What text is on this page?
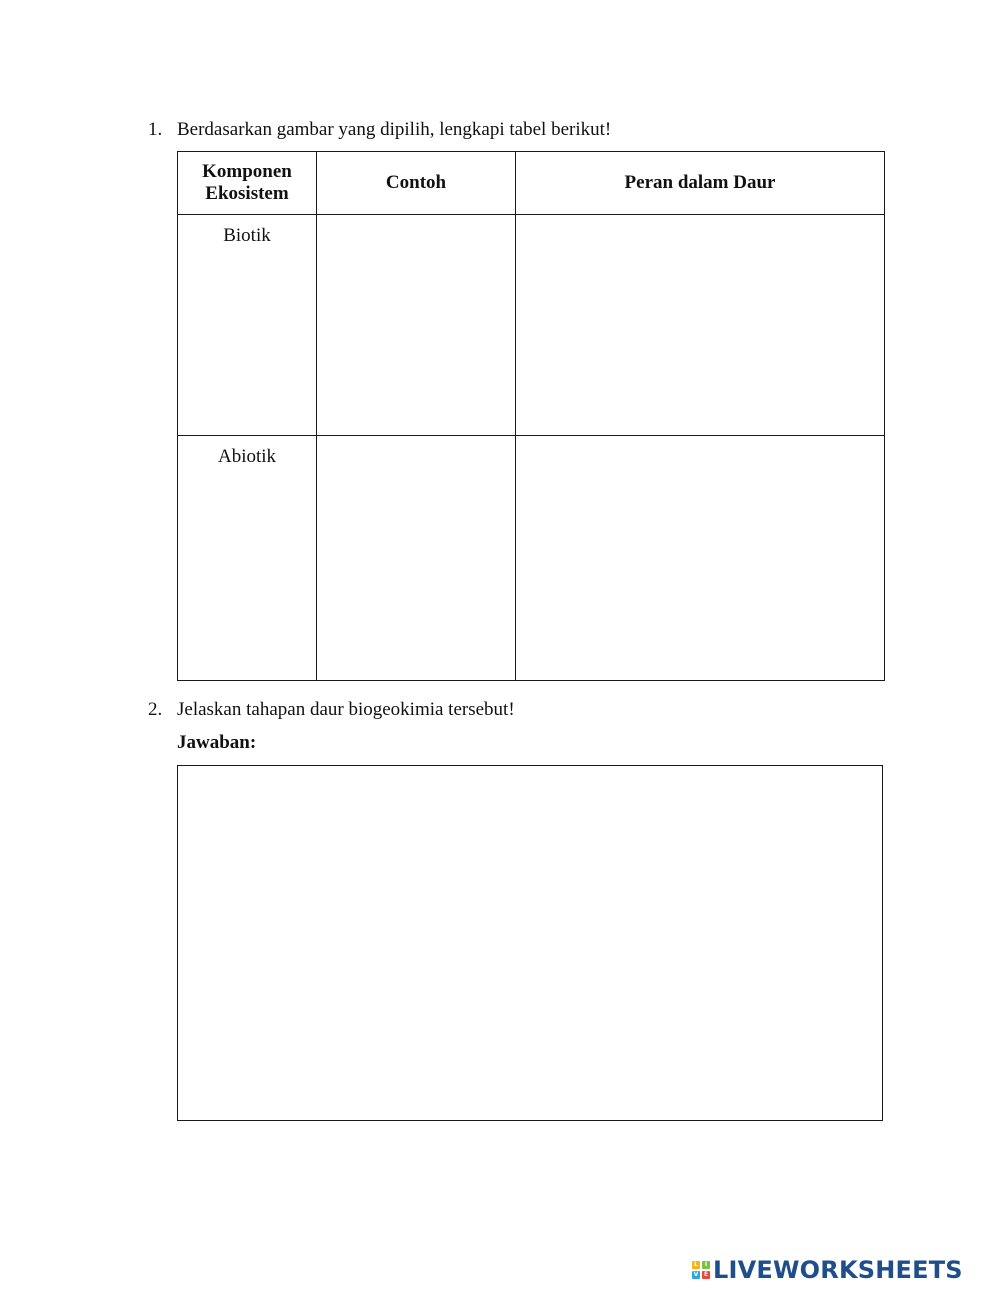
1. Berdasarkan gambar yang dipilih, lengkapi tabel berikut!
Komponen
Ekosistem	Contoh	Peran dalam Daur
Biotik		
Abiotik		
2. Jelaskan tahapan daur biogeokimia tersebut!
Jawaban:
L	I
V E LIVEWORKSHEETS
